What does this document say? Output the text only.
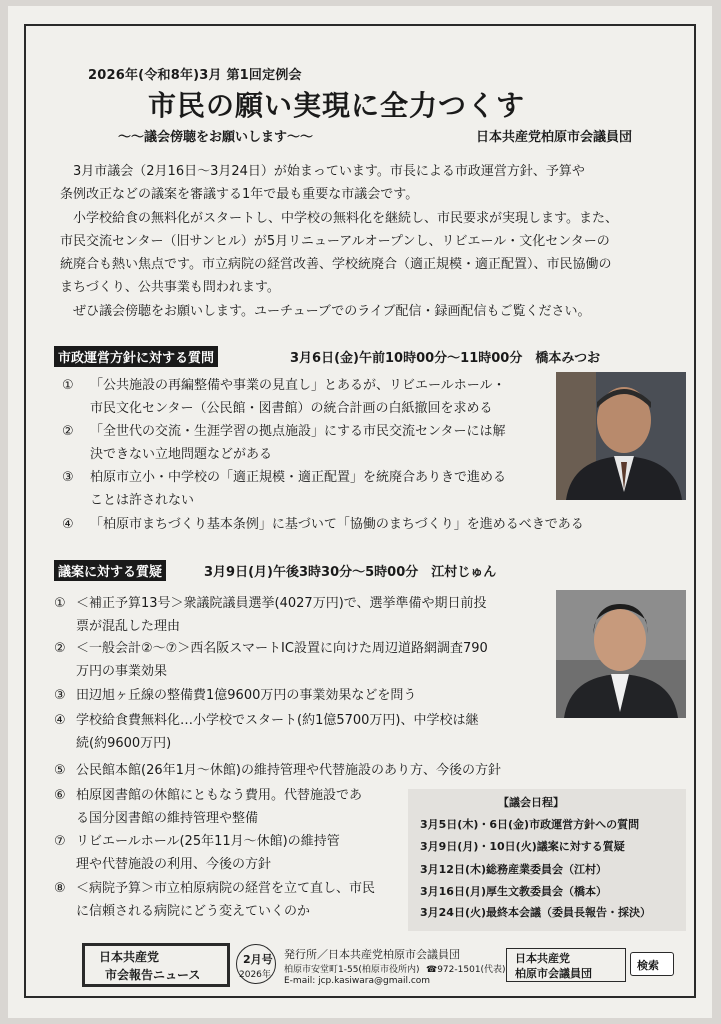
2026年(令和8年)3月 第1回定例会
市民の願い実現に全力つくす
～～議会傍聴をお願いします～～	日本共産党柏原市会議員団

3月市議会（2月16日～3月24日）が始まっています。市長による市政運営方針、予算や

条例改正などの議案を審議する1年で最も重要な市議会です。

小学校給食の無料化がスタートし、中学校の無料化を継続し、市民要求が実現します。また、

市民交流センター（旧サンヒル）が5月リニューアルオープンし、リビエール・文化センターの

統廃合も熱い焦点です。市立病院の経営改善、学校統廃合（適正規模・適正配置）、市民協働の

まちづくり、公共事業も問われます。

ぜひ議会傍聴をお願いします。ユーチューブでのライブ配信・録画配信もご覧ください。

市政運営方針に対する質問	3月6日(金)午前10時00分～11時00分　橋本みつお
① 「公共施設の再編整備や事業の見直し」とあるが、リビエールホール・
市民文化センター（公民館・図書館）の統合計画の白紙撤回を求める
② 「全世代の交流・生涯学習の拠点施設」にする市民交流センターには解
決できない立地問題などがある
③ 柏原市立小・中学校の「適正規模・適正配置」を統廃合ありきで進める
ことは許されない
④ 「柏原市まちづくり基本条例」に基づいて「協働のまちづくり」を進めるべきである
議案に対する質疑	3月9日(月)午後3時30分～5時00分　江村じゅん
① ＜補正予算13号＞衆議院議員選挙(4027万円)で、選挙準備や期日前投
票が混乱した理由
② ＜一般会計②～⑦＞西名阪スマートIC設置に向けた周辺道路網調査790
万円の事業効果
③ 田辺旭ヶ丘線の整備費1億9600万円の事業効果などを問う
④ 学校給食費無料化…小学校でスタート(約1億5700万円)、中学校は継
続(約9600万円)
⑤ 公民館本館(26年1月～休館)の維持管理や代替施設のあり方、今後の方針
⑥ 柏原図書館の休館にともなう費用。代替施設であ
る国分図書館の維持管理や整備
⑦ リビエールホール(25年11月～休館)の維持管
理や代替施設の利用、今後の方針
⑧ ＜病院予算＞市立柏原病院の経営を立て直し、市民
に信頼される病院にどう変えていくのか
【議会日程】
3月5日(木)・6日(金)市政運営方針への質問
3月9日(月)・10日(火)議案に対する質疑
3月12日(木)総務産業委員会（江村）
3月16日(月)厚生文教委員会（橋本）
3月24日(火)最終本会議（委員長報告・採決）
日本共産党
市会報告ニュース
2月号
2026年
発行所／日本共産党柏原市会議員団
柏原市安堂町1-55(柏原市役所内) ☎972-1501(代表)
E-mail: jcp.kasiwara@gmail.com
日本共産党
柏原市会議員団
検索
